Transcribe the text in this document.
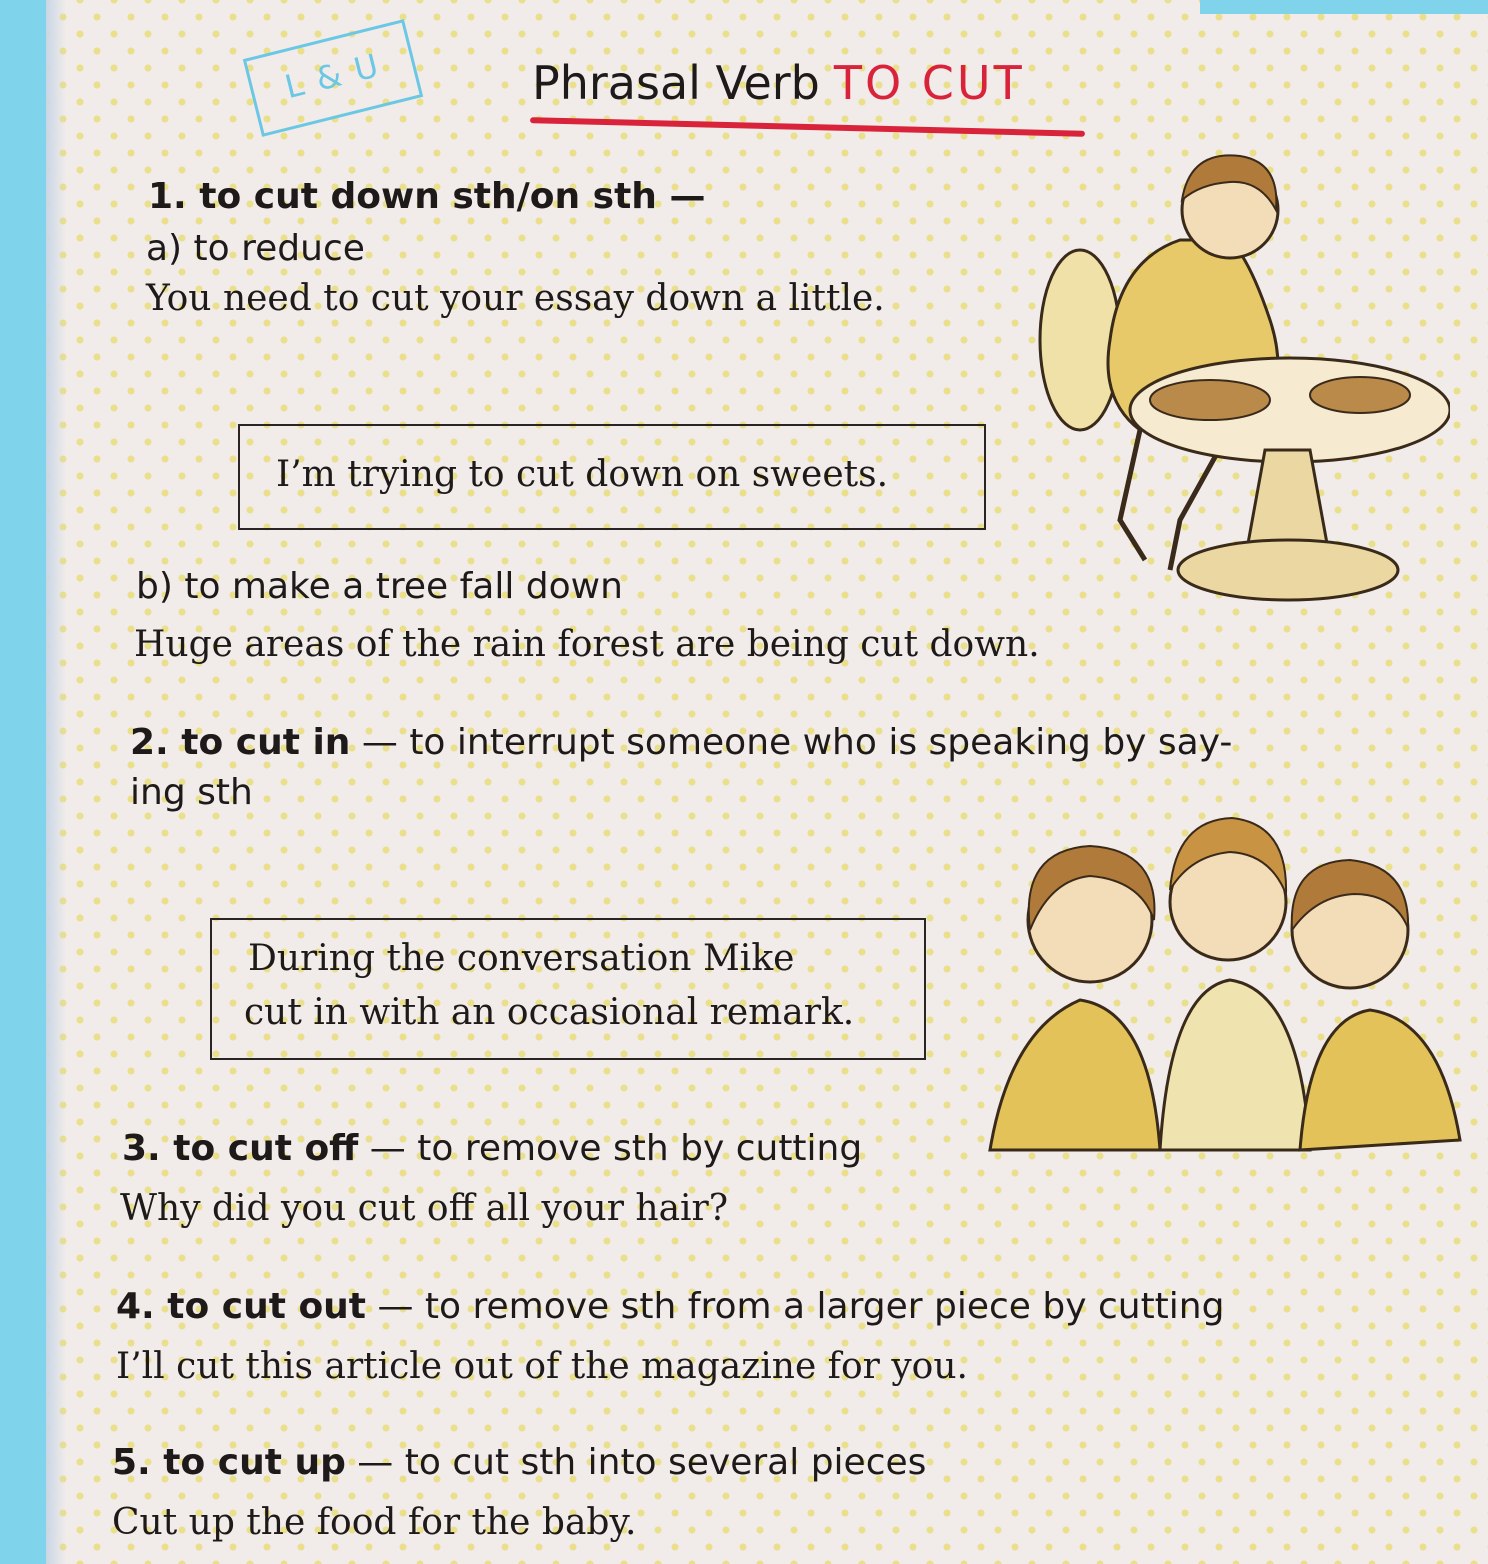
L & U	Phrasal Verb TO CUT
1. to cut down sth/on sth —
a) to reduce
You need to cut your essay down a little.
I’m trying to cut down on sweets.
b) to make a tree fall down
Huge areas of the rain forest are being cut down.
2. to cut in — to interrupt someone who is speaking by say-
ing sth
During the conversation Mike
cut in with an occasional remark.
3. to cut off — to remove sth by cutting
Why did you cut off all your hair?
4. to cut out — to remove sth from a larger piece by cutting
I’ll cut this article out of the magazine for you.
5. to cut up — to cut sth into several pieces
Cut up the food for the baby.
